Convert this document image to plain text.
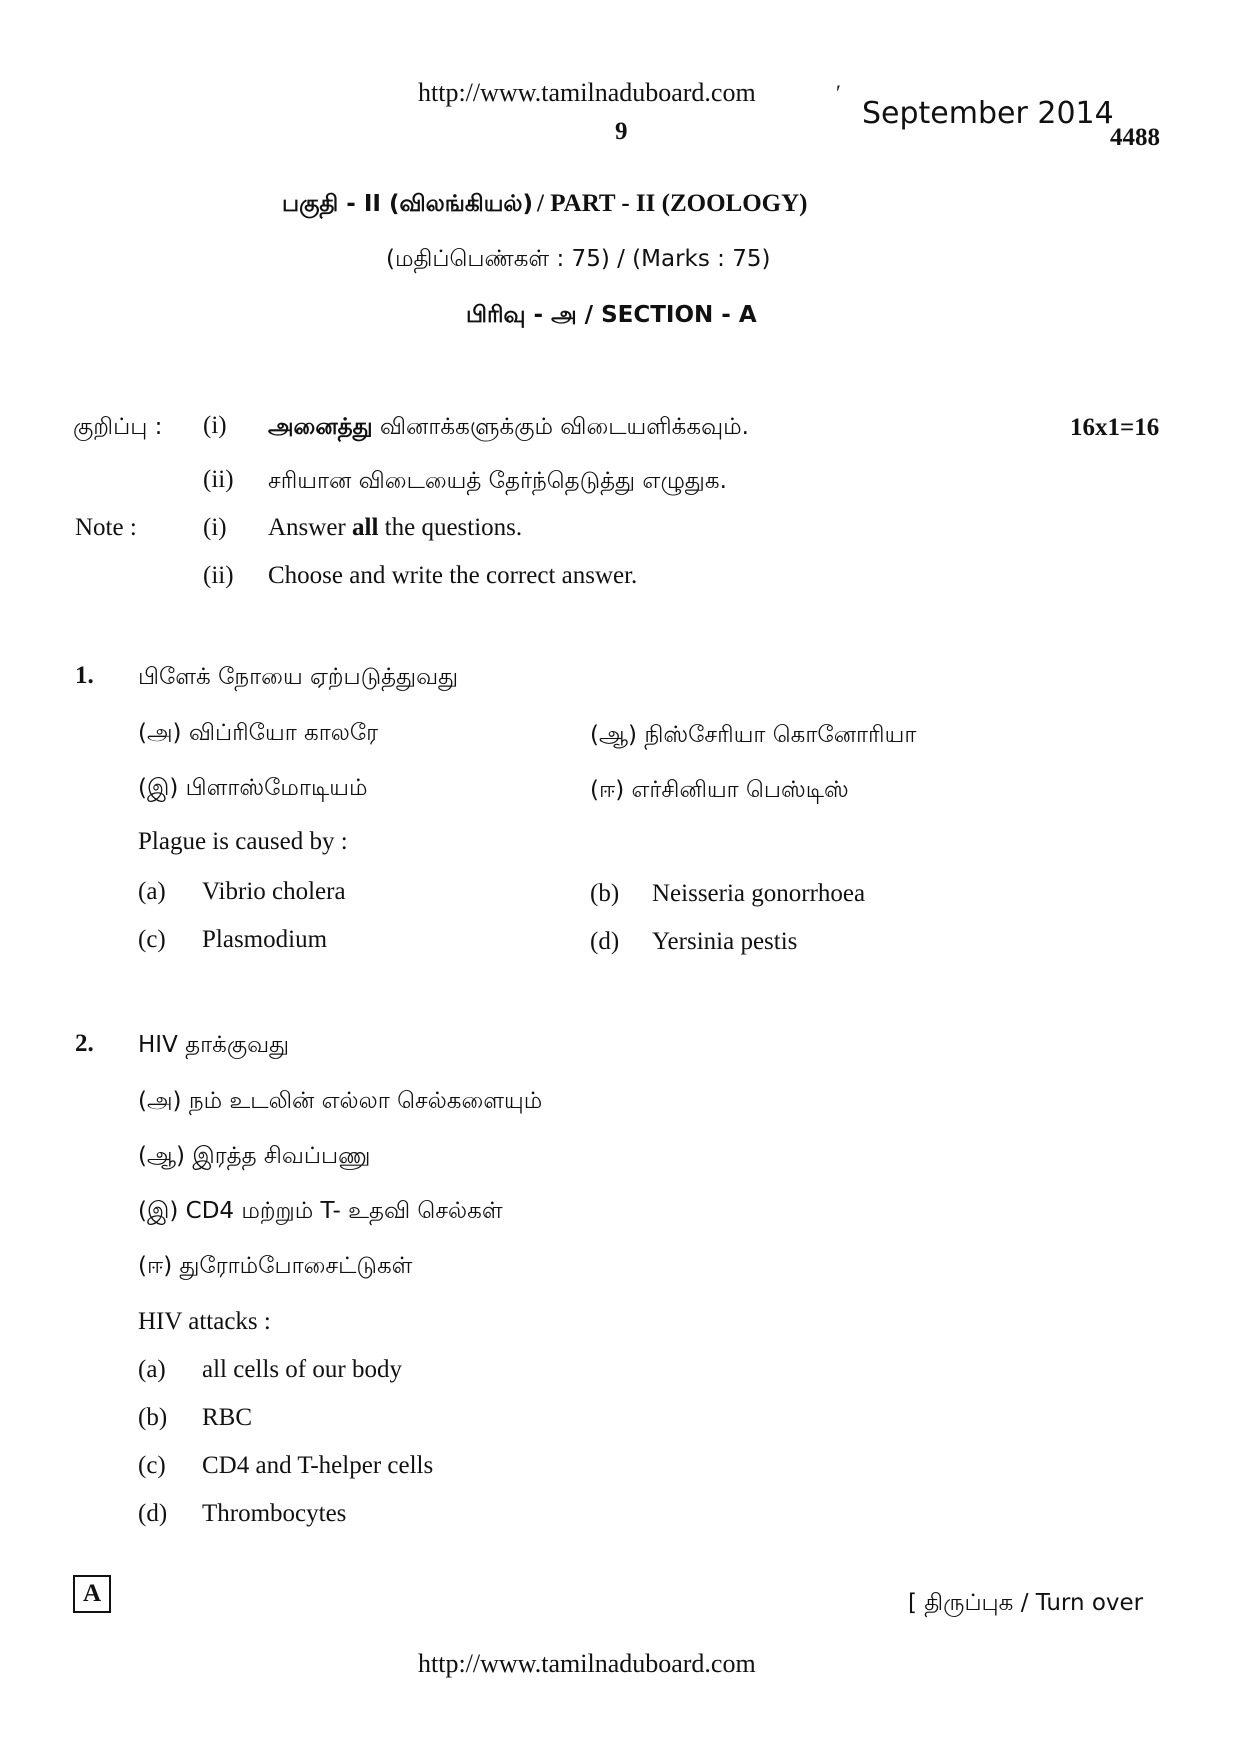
http://www.tamilnaduboard.com	′
September 2014
9	4488
பகுதி - II (விலங்கியல்) / PART - II (ZOOLOGY)
(மதிப்பெண்கள் : 75) / (Marks : 75)
பிரிவு - அ / SECTION - A
குறிப்பு : (i) அனைத்து வினாக்களுக்கும் விடையளிக்கவும்.	16x1=16
(ii) சரியான விடையைத் தேர்ந்தெடுத்து எழுதுக.
Note :	(i) Answer all the questions.
(ii) Choose and write the correct answer.
1. பிளேக் நோயை ஏற்படுத்துவது
(அ) விப்ரியோ காலரே	(ஆ) நிஸ்சேரியா கொனோரியா
(இ) பிளாஸ்மோடியம்	(ஈ) எர்சினியா பெஸ்டிஸ்
Plague is caused by :
(a) Vibrio cholera	(b) Neisseria gonorrhoea
(c) Plasmodium	(d) Yersinia pestis
2. HIV தாக்குவது
(அ) நம் உடலின் எல்லா செல்களையும்
(ஆ) இரத்த சிவப்பணு
(இ) CD4 மற்றும் T- உதவி செல்கள்
(ஈ) துரோம்போசைட்டுகள்
HIV attacks :
(a) all cells of our body
(b) RBC
(c) CD4 and T-helper cells
(d) Thrombocytes
A	[ திருப்புக / Turn over
http://www.tamilnaduboard.com
